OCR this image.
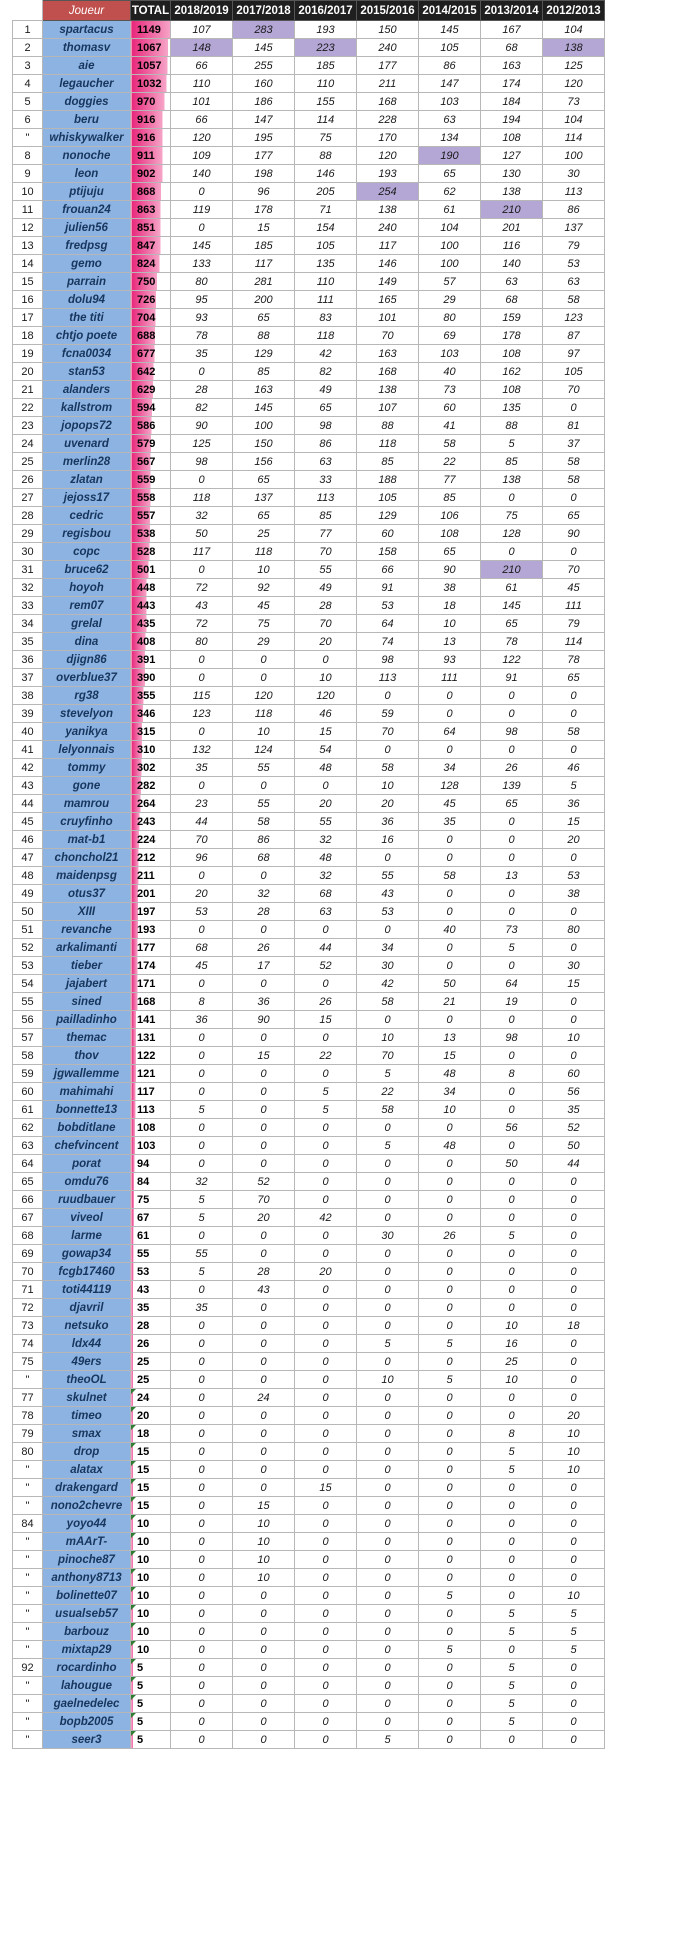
	Joueur	TOTAL	2018/2019	2017/2018	2016/2017	2015/2016	2014/2015	2013/2014	2012/2013
1	spartacus	1149	107	283	193	150	145	167	104
2	thomasv	1067	148	145	223	240	105	68	138
3	aie	1057	66	255	185	177	86	163	125
4	legaucher	1032	110	160	110	211	147	174	120
5	doggies	970	101	186	155	168	103	184	73
6	beru	916	66	147	114	228	63	194	104
"	whiskywalker	916	120	195	75	170	134	108	114
8	nonoche	911	109	177	88	120	190	127	100
9	leon	902	140	198	146	193	65	130	30
10	ptijuju	868	0	96	205	254	62	138	113
11	frouan24	863	119	178	71	138	61	210	86
12	julien56	851	0	15	154	240	104	201	137
13	fredpsg	847	145	185	105	117	100	116	79
14	gemo	824	133	117	135	146	100	140	53
15	parrain	750	80	281	110	149	57	63	63
16	dolu94	726	95	200	111	165	29	68	58
17	the titi	704	93	65	83	101	80	159	123
18	chtjo poete	688	78	88	118	70	69	178	87
19	fcna0034	677	35	129	42	163	103	108	97
20	stan53	642	0	85	82	168	40	162	105
21	alanders	629	28	163	49	138	73	108	70
22	kallstrom	594	82	145	65	107	60	135	0
23	jopops72	586	90	100	98	88	41	88	81
24	uvenard	579	125	150	86	118	58	5	37
25	merlin28	567	98	156	63	85	22	85	58
26	zlatan	559	0	65	33	188	77	138	58
27	jejoss17	558	118	137	113	105	85	0	0
28	cedric	557	32	65	85	129	106	75	65
29	regisbou	538	50	25	77	60	108	128	90
30	copc	528	117	118	70	158	65	0	0
31	bruce62	501	0	10	55	66	90	210	70
32	hoyoh	448	72	92	49	91	38	61	45
33	rem07	443	43	45	28	53	18	145	111
34	grelal	435	72	75	70	64	10	65	79
35	dina	408	80	29	20	74	13	78	114
36	djign86	391	0	0	0	98	93	122	78
37	overblue37	390	0	0	10	113	111	91	65
38	rg38	355	115	120	120	0	0	0	0
39	stevelyon	346	123	118	46	59	0	0	0
40	yanikya	315	0	10	15	70	64	98	58
41	lelyonnais	310	132	124	54	0	0	0	0
42	tommy	302	35	55	48	58	34	26	46
43	gone	282	0	0	0	10	128	139	5
44	mamrou	264	23	55	20	20	45	65	36
45	cruyfinho	243	44	58	55	36	35	0	15
46	mat-b1	224	70	86	32	16	0	0	20
47	chonchol21	212	96	68	48	0	0	0	0
48	maidenpsg	211	0	0	32	55	58	13	53
49	otus37	201	20	32	68	43	0	0	38
50	XIII	197	53	28	63	53	0	0	0
51	revanche	193	0	0	0	0	40	73	80
52	arkalimanti	177	68	26	44	34	0	5	0
53	tieber	174	45	17	52	30	0	0	30
54	jajabert	171	0	0	0	42	50	64	15
55	sined	168	8	36	26	58	21	19	0
56	pailladinho	141	36	90	15	0	0	0	0
57	themac	131	0	0	0	10	13	98	10
58	thov	122	0	15	22	70	15	0	0
59	jgwallemme	121	0	0	0	5	48	8	60
60	mahimahi	117	0	0	5	22	34	0	56
61	bonnette13	113	5	0	5	58	10	0	35
62	bobditlane	108	0	0	0	0	0	56	52
63	chefvincent	103	0	0	0	5	48	0	50
64	porat	94	0	0	0	0	0	50	44
65	omdu76	84	32	52	0	0	0	0	0
66	ruudbauer	75	5	70	0	0	0	0	0
67	viveol	67	5	20	42	0	0	0	0
68	larme	61	0	0	0	30	26	5	0
69	gowap34	55	55	0	0	0	0	0	0
70	fcgb17460	53	5	28	20	0	0	0	0
71	toti44119	43	0	43	0	0	0	0	0
72	djavril	35	35	0	0	0	0	0	0
73	netsuko	28	0	0	0	0	0	10	18
74	ldx44	26	0	0	0	5	5	16	0
75	49ers	25	0	0	0	0	0	25	0
"	theoOL	25	0	0	0	10	5	10	0
77	skulnet	24	0	24	0	0	0	0	0
78	timeo	20	0	0	0	0	0	0	20
79	smax	18	0	0	0	0	0	8	10
80	drop	15	0	0	0	0	0	5	10
"	alatax	15	0	0	0	0	0	5	10
"	drakengard	15	0	0	15	0	0	0	0
"	nono2chevre	15	0	15	0	0	0	0	0
84	yoyo44	10	0	10	0	0	0	0	0
"	mAArT-	10	0	10	0	0	0	0	0
"	pinoche87	10	0	10	0	0	0	0	0
"	anthony8713	10	0	10	0	0	0	0	0
"	bolinette07	10	0	0	0	0	5	0	10
"	usualseb57	10	0	0	0	0	0	5	5
"	barbouz	10	0	0	0	0	0	5	5
"	mixtap29	10	0	0	0	0	5	0	5
92	rocardinho	5	0	0	0	0	0	5	0
"	lahougue	5	0	0	0	0	0	5	0
"	gaelnedelec	5	0	0	0	0	0	5	0
"	bopb2005	5	0	0	0	0	0	5	0
"	seer3	5	0	0	0	5	0	0	0
